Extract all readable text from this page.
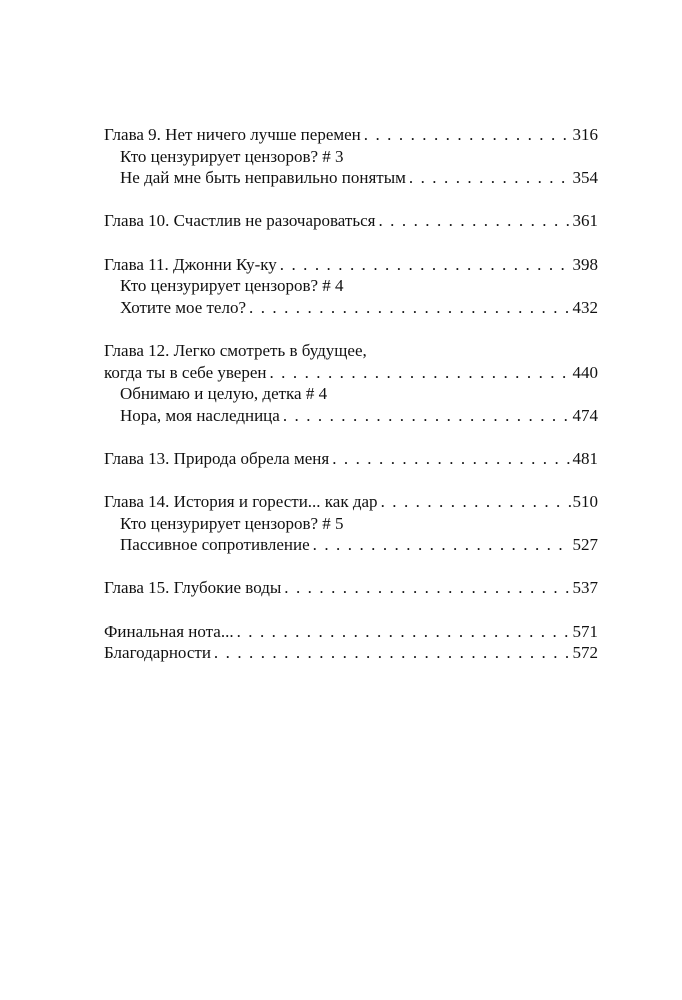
Глава 9. Нет ничего лучше перемен . . .	316
Кто цензурирует цензоров? # 3
Не дай мне быть неправильно понятым . . .	354
Глава 10. Счастлив не разочароваться . . .	361
Глава 11. Джонни Ку-ку . . .	398
Кто цензурирует цензоров? # 4
Хотите мое тело? . . .	432
Глава 12. Легко смотреть в будущее,
когда ты в себе уверен . . .	440
Обнимаю и целую, детка # 4
Нора, моя наследница . . .	474
Глава 13. Природа обрела меня . . .	481
Глава 14. История и горести... как дар . . .	510
Кто цензурирует цензоров? # 5
Пассивное сопротивление . . .	527
Глава 15. Глубокие воды . . .	537
Финальная нота... . . .	571
Благодарности . . .	572
